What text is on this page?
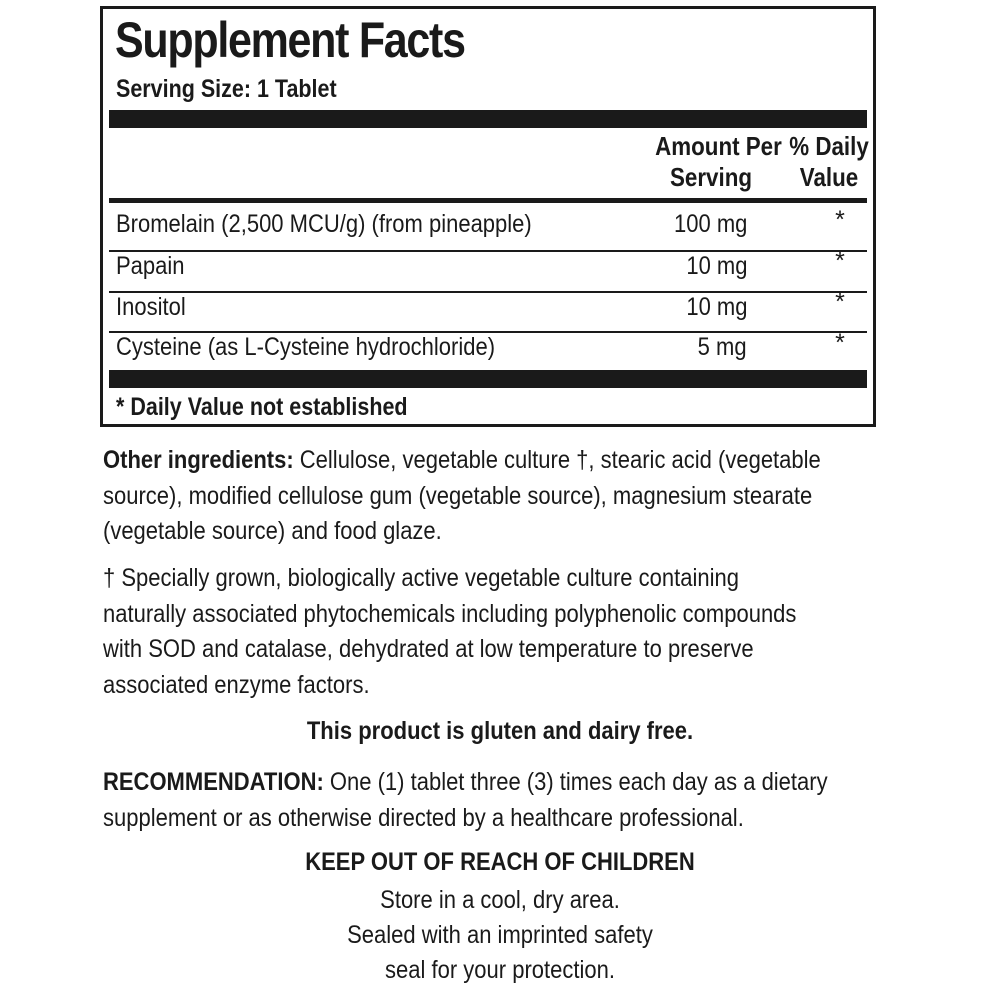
Supplement Facts
Serving Size: 1 Tablet
Amount Per
Serving
% Daily
Value
Bromelain (2,500 MCU/g) (from pineapple)	100 mg	*
Papain	10 mg	*
Inositol	10 mg	*
Cysteine (as L-Cysteine hydrochloride)	5 mg	*
* Daily Value not established
Other ingredients: Cellulose, vegetable culture †, stearic acid (vegetable
source), modified cellulose gum (vegetable source), magnesium stearate
(vegetable source) and food glaze.
† Specially grown, biologically active vegetable culture containing
naturally associated phytochemicals including polyphenolic compounds
with SOD and catalase, dehydrated at low temperature to preserve
associated enzyme factors.
This product is gluten and dairy free.
RECOMMENDATION: One (1) tablet three (3) times each day as a dietary
supplement or as otherwise directed by a healthcare professional.
KEEP OUT OF REACH OF CHILDREN
Store in a cool, dry area.
Sealed with an imprinted safety
seal for your protection.
